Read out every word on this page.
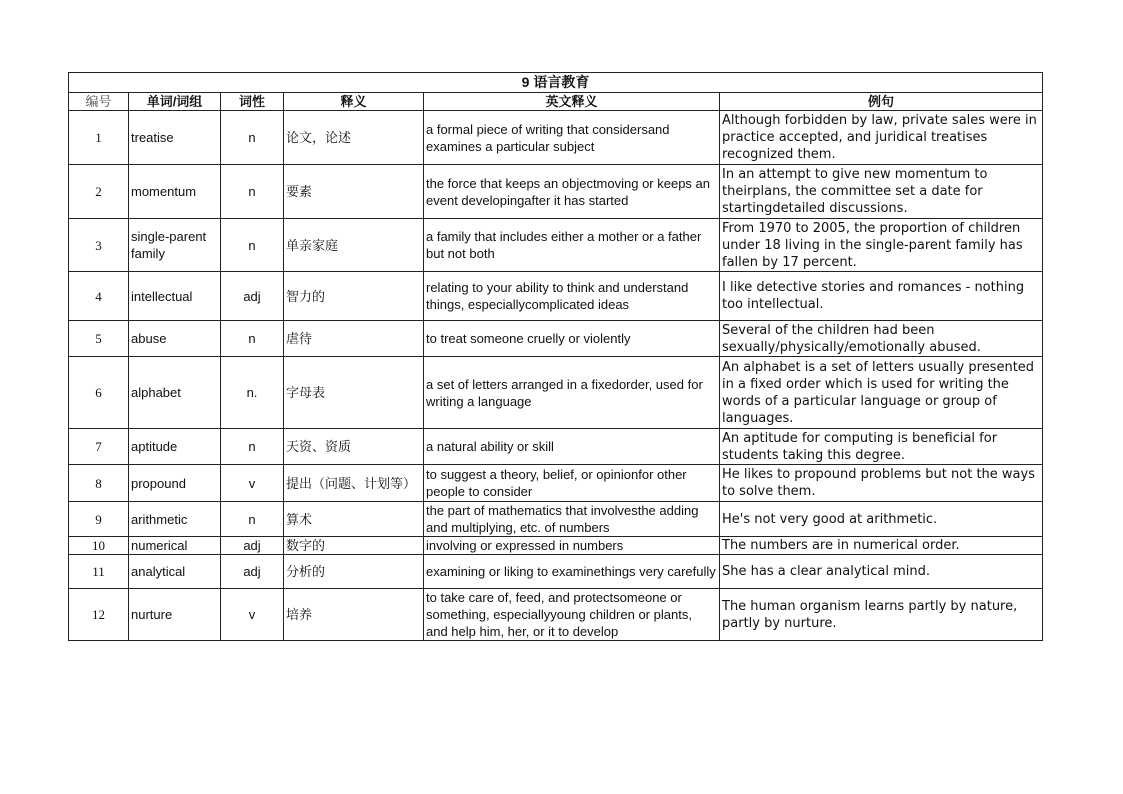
9 语言教育					
编号	单词/词组	词性	释义	英文释义	例句
1	treatise	n	论文，论述	a formal piece of writing that considersand examines a particular subject	Although forbidden by law, private sales were in practice accepted, and juridical treatises recognized them.
2	momentum	n	要素	the force that keeps an objectmoving or keeps an event developingafter it has started	In an attempt to give new momentum to theirplans, the committee set a date for startingdetailed discussions.
3	single-parent family	n	单亲家庭	a family that includes either a mother or a father but not both	From 1970 to 2005, the proportion of children under 18 living in the single-parent family has fallen by 17 percent.
4	intellectual	adj	智力的	relating to your ability to think and understand things, especiallycomplicated ideas	I like detective stories and romances - nothing too intellectual.
5	abuse	n	虐待	to treat someone cruelly or violently	Several of the children had been sexually/physically/emotionally abused.
6	alphabet	n.	字母表	a set of letters arranged in a fixedorder, used for writing a language	An alphabet is a set of letters usually presented in a fixed order which is used for writing the words of a particular language or group of languages.
7	aptitude	n	天资、资质	a natural ability or skill	An aptitude for computing is beneficial for students taking this degree.
8	propound	v	提出（问题、计划等）	to suggest a theory, belief, or opinionfor other people to consider	He likes to propound problems but not the ways to solve them.
9	arithmetic	n	算术	the part of mathematics that involvesthe adding and multiplying, etc. of numbers	He's not very good at arithmetic.
10	numerical	adj	数字的	involving or expressed in numbers	The numbers are in numerical order.
11	analytical	adj	分析的	examining or liking to examinethings very carefully	She has a clear analytical mind.
12	nurture	v	培养	to take care of, feed, and protectsomeone or something, especiallyyoung children or plants, and help him, her, or it to develop	The human organism learns partly by nature, partly by nurture.
